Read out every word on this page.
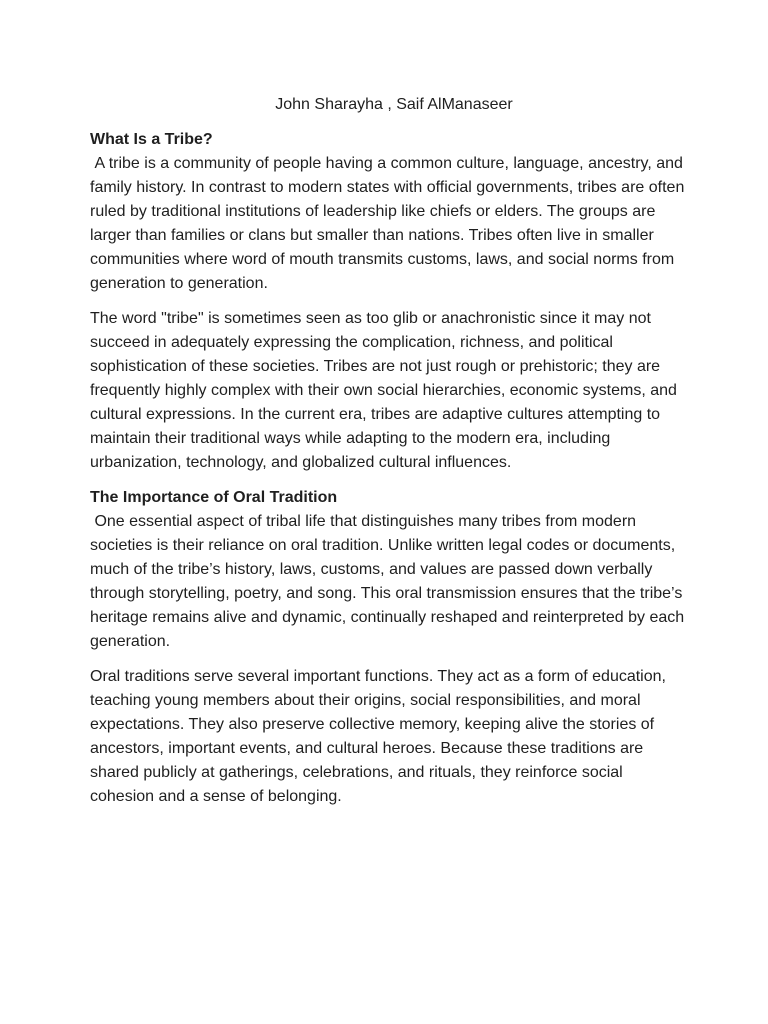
John Sharayha , Saif AlManaseer

What Is a Tribe?

A tribe is a community of people having a common culture, language, ancestry, and family history. In contrast to modern states with official governments, tribes are often ruled by traditional institutions of leadership like chiefs or elders. The groups are larger than families or clans but smaller than nations. Tribes often live in smaller communities where word of mouth transmits customs, laws, and social norms from generation to generation.

The word "tribe" is sometimes seen as too glib or anachronistic since it may not succeed in adequately expressing the complication, richness, and political sophistication of these societies. Tribes are not just rough or prehistoric; they are frequently highly complex with their own social hierarchies, economic systems, and cultural expressions. In the current era, tribes are adaptive cultures attempting to maintain their traditional ways while adapting to the modern era, including urbanization, technology, and globalized cultural influences.

The Importance of Oral Tradition

One essential aspect of tribal life that distinguishes many tribes from modern societies is their reliance on oral tradition. Unlike written legal codes or documents, much of the tribe’s history, laws, customs, and values are passed down verbally through storytelling, poetry, and song. This oral transmission ensures that the tribe’s heritage remains alive and dynamic, continually reshaped and reinterpreted by each generation.

Oral traditions serve several important functions. They act as a form of education, teaching young members about their origins, social responsibilities, and moral expectations. They also preserve collective memory, keeping alive the stories of ancestors, important events, and cultural heroes. Because these traditions are shared publicly at gatherings, celebrations, and rituals, they reinforce social cohesion and a sense of belonging.
